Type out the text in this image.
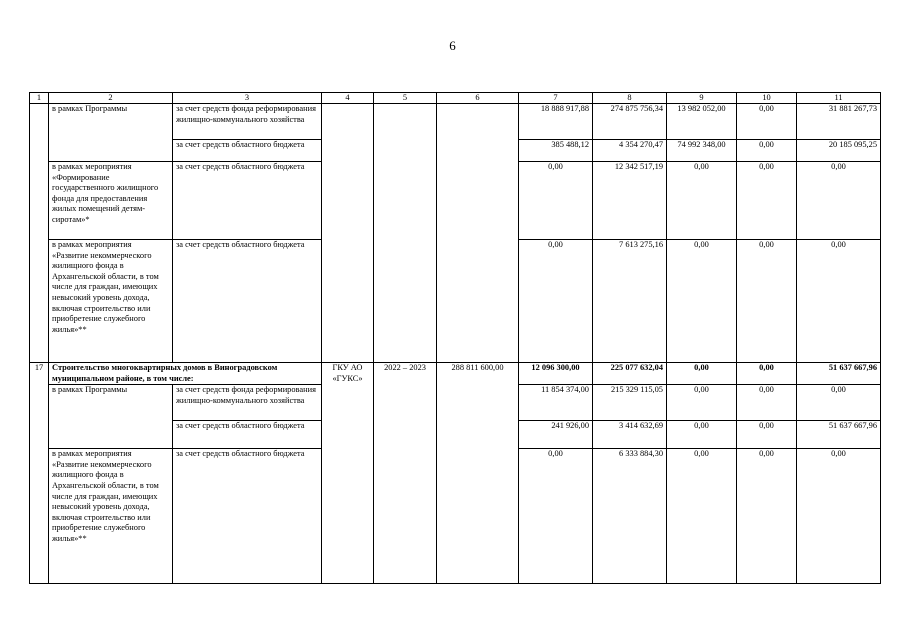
6
1	2	3	4	5	6	7	8	9	10	11
	в рамках Программы	за счет средств фонда реформирования жилищно-коммунального хозяйства				18 888 917,88	274 875 756,34	13 982 052,00	0,00	31 881 267,73
		за счет средств областного бюджета				385 488,12	4 354 270,47	74 992 348,00	0,00	20 185 095,25
	в рамках мероприятия «Формирование государственного жилищного фонда для предоставления жилых помещений детям-сиротам»*	за счет средств областного бюджета				0,00	12 342 517,19	0,00	0,00	0,00
	в рамках мероприятия «Развитие некоммерческого жилищного фонда в Архангельской области, в том числе для граждан, имеющих невысокий уровень дохода, включая строительство или приобретение служебного жилья»**	за счет средств областного бюджета				0,00	7 613 275,16	0,00	0,00	0,00
17	Строительство многоквартирных домов в Виноградовском муниципальном районе, в том числе:		ГКУ АО «ГУКС»	2022 – 2023	288 811 600,00	12 096 300,00	225 077 632,04	0,00	0,00	51 637 667,96
	в рамках Программы	за счет средств фонда реформирования жилищно-коммунального хозяйства				11 854 374,00	215 329 115,05	0,00	0,00	0,00
		за счет средств областного бюджета				241 926,00	3 414 632,69	0,00	0,00	51 637 667,96
	в рамках мероприятия «Развитие некоммерческого жилищного фонда в Архангельской области, в том числе для граждан, имеющих невысокий уровень дохода, включая строительство или приобретение служебного жилья»**	за счет средств областного бюджета				0,00	6 333 884,30	0,00	0,00	0,00
